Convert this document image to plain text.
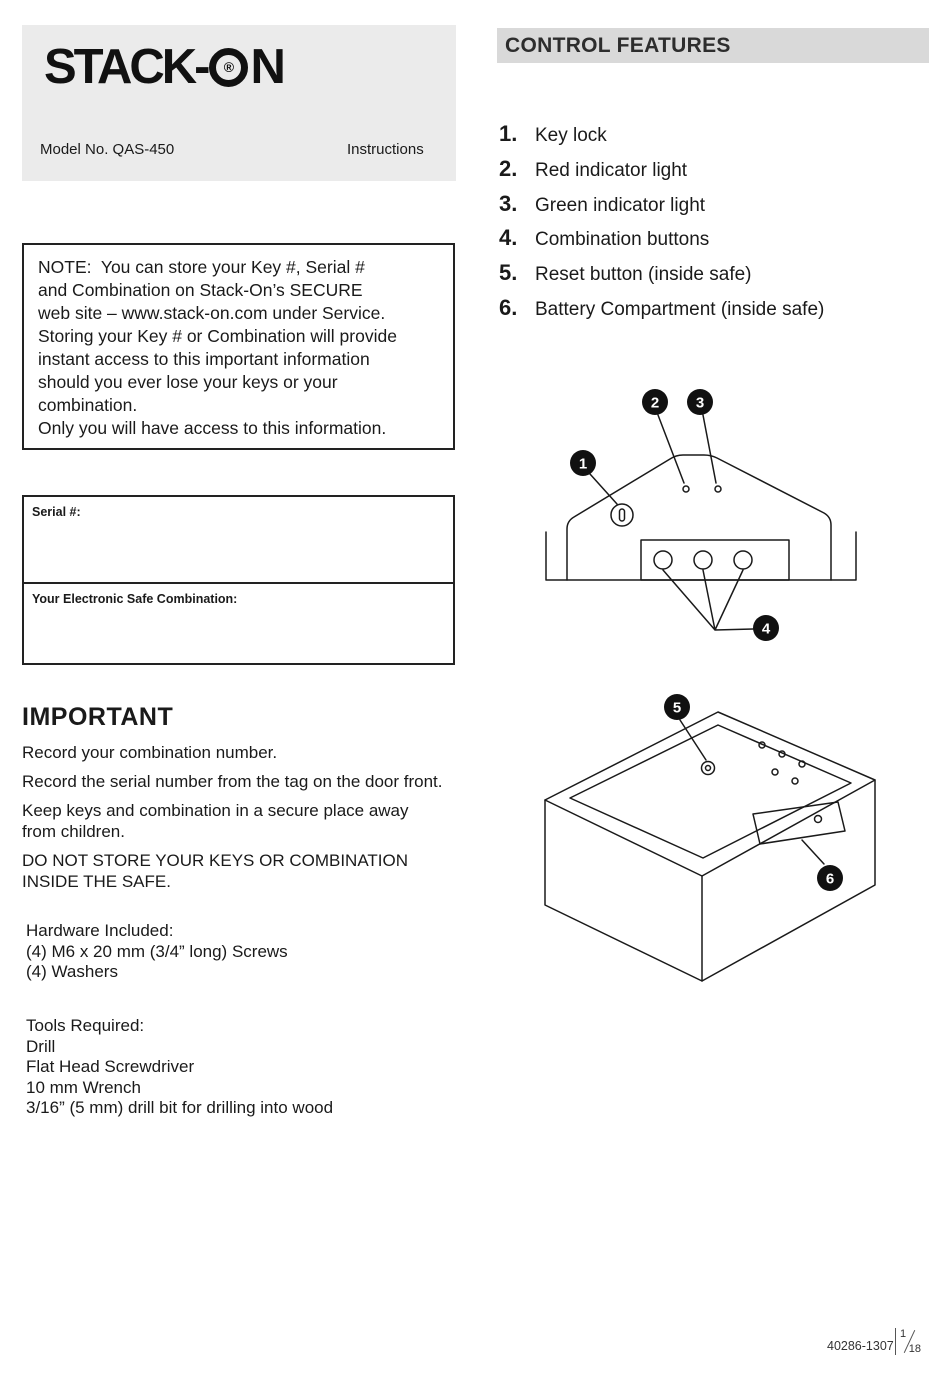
STACK- ® N
Model No. QAS-450	Instructions
CONTROL FEATURES
1. Key lock
2. Red indicator light
3. Green indicator light
4. Combination buttons
5. Reset button (inside safe)
6. Battery Compartment (inside safe)

NOTE:  You can store your Key #, Serial #
and Combination on Stack-On’s SECURE
web site – www.stack-on.com under Service.
Storing your Key # or Combination will provide
instant access to this important information
should you ever lose your keys or your
combination.
Only you will have access to this information.

Serial #:
Your Electronic Safe Combination:
IMPORTANT

Record your combination number.

Record the serial number from the tag on the door front.

Keep keys and combination in a secure place away
from children.

DO NOT STORE YOUR KEYS OR COMBINATION
INSIDE THE SAFE.

Hardware Included:

(4) M6 x 20 mm (3/4” long) Screws

(4) Washers

Tools Required:

Drill

Flat Head Screwdriver

10 mm Wrench

3/16” (5 mm) drill bit for drilling into wood

1
2 3
4
5
6
40286-1307
1
18
